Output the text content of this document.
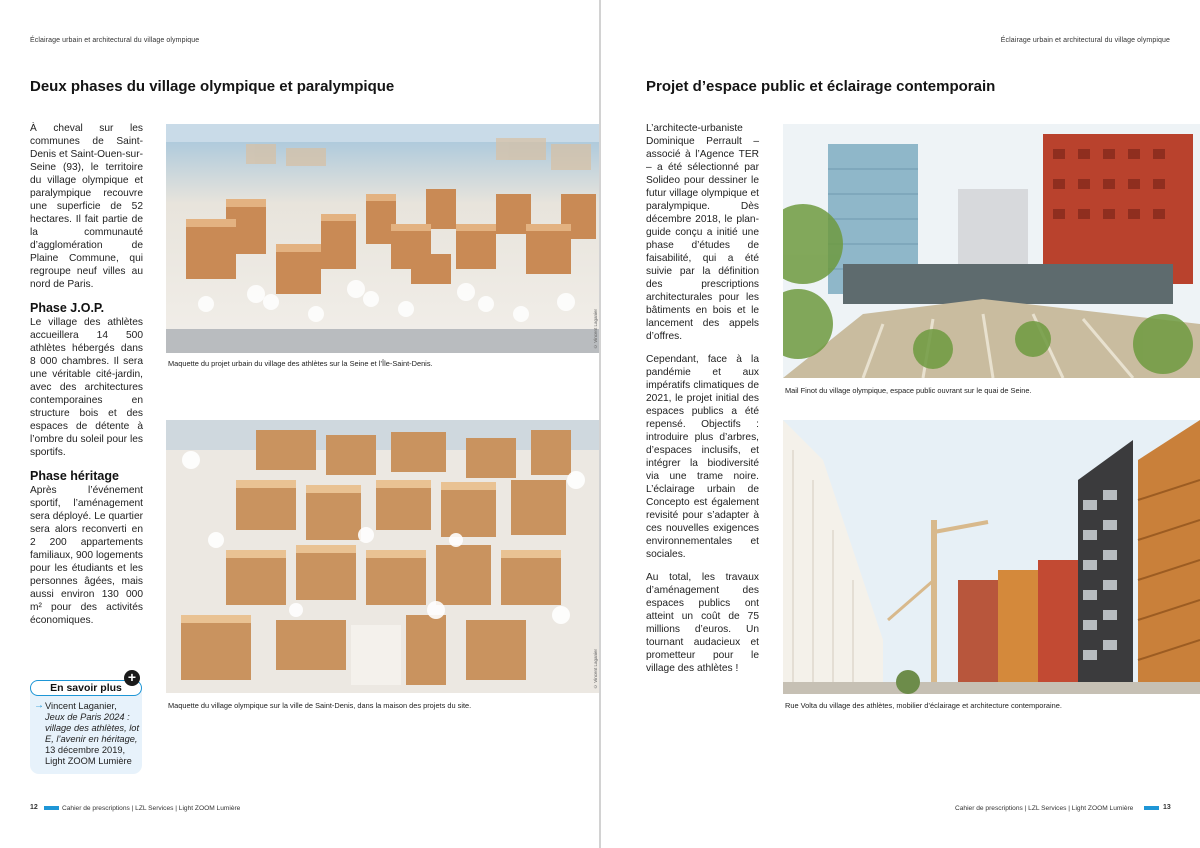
Éclairage urbain et architectural du village olympique
Deux phases du village olympique et paralympique

À cheval sur les communes de Saint-Denis et Saint-Ouen-sur-Seine (93), le territoire du village olympique et paralympique recouvre une superficie de 52 hectares. Il fait partie de la communauté d’agglomération de Plaine Commune, qui regroupe neuf villes au nord de Paris.

Phase J.O.P.

Le village des athlètes accueillera 14 500 athlètes hébergés dans 8 000 chambres. Il sera une véritable cité-jardin, avec des architectures contemporaines en structure bois et des espaces de détente à l’ombre du soleil pour les sportifs.

Phase héritage

Après l’événement sportif, l’aménagement sera déployé. Le quartier sera alors reconverti en 2 200 appartements familiaux, 900 logements pour les étudiants et les personnes âgées, mais aussi environ 130 000 m² pour des activités économiques.

En savoir plus
→ Vincent Laganier,
Jeux de Paris 2024 : village des athlètes, lot E, l’avenir en héritage,
13 décembre 2019,
Light ZOOM Lumière
+
© Vincent Laganier
Maquette du projet urbain du village des athlètes sur la Seine et l’Île-Saint-Denis.
© Vincent Laganier
Maquette du village olympique sur la ville de Saint-Denis, dans la maison des projets du site.
12	Cahier de prescriptions | LZL Services | Light ZOOM Lumière
Éclairage urbain et architectural du village olympique
Projet d’espace public et éclairage contemporain

L’architecte-urbaniste Dominique Perrault – associé à l’Agence TER – a été sélectionné par Solideo pour dessiner le futur village olympique et paralympique. Dès décembre 2018, le plan-guide conçu a initié une phase d’études de faisabilité, qui a été suivie par la définition des prescriptions architecturales pour les bâtiments en bois et le lancement des appels d’offres.

Cependant, face à la pandémie et aux impératifs climatiques de 2021, le projet initial des espaces publics a été repensé. Objectifs : introduire plus d’arbres, d’espaces inclusifs, et intégrer la biodiversité via une trame noire. L’éclairage urbain de Concepto est également revisité pour s’adapter à ces nouvelles exigences environnementales et sociales.

Au total, les travaux d’aménagement des espaces publics ont atteint un coût de 75 millions d’euros. Un tournant audacieux et prometteur pour le village des athlètes !

Mail Finot du village olympique, espace public ouvrant sur le quai de Seine.
Rue Volta du village des athlètes, mobilier d’éclairage et architecture contemporaine.
Cahier de prescriptions | LZL Services | Light ZOOM Lumière	13
